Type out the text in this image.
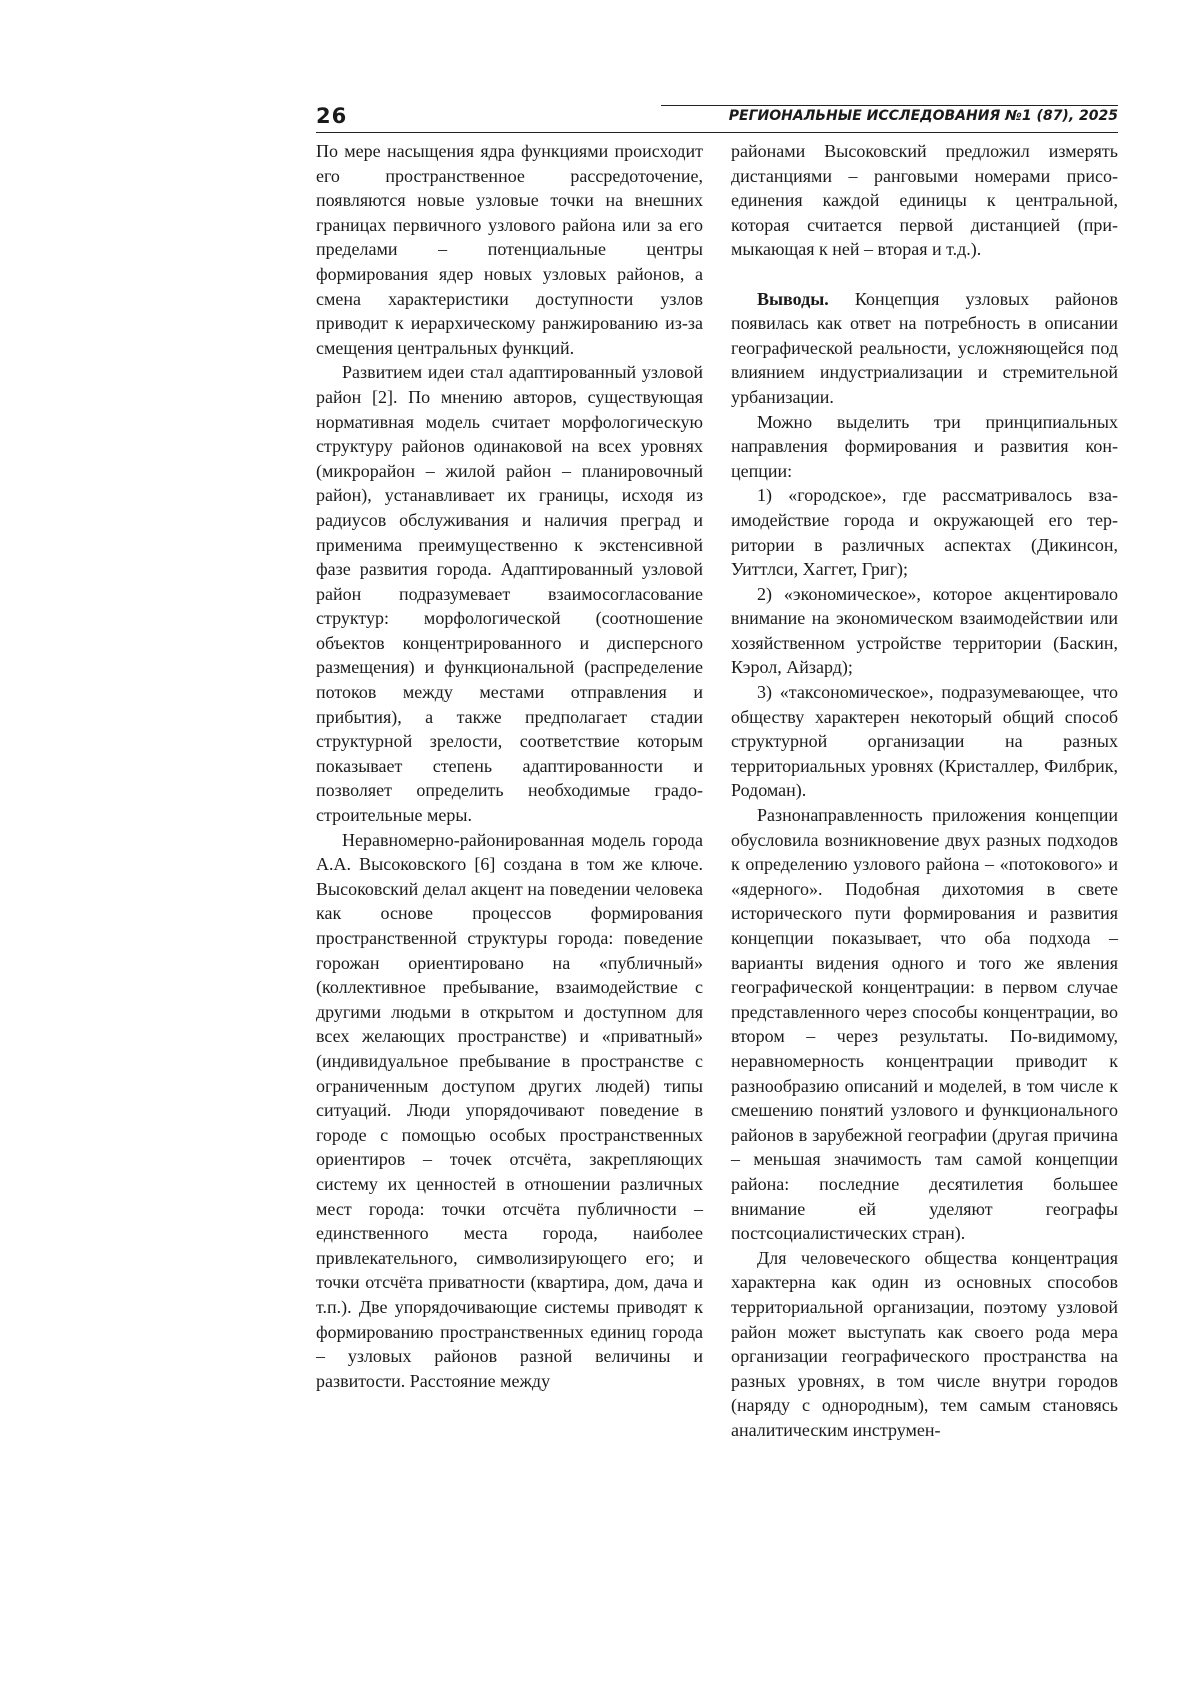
26	РЕГИОНАЛЬНЫЕ ИССЛЕДОВАНИЯ №1 (87), 2025

По мере насыщения ядра функциями происходит его пространственное рассредоточение, появляются новые узловые точки на внешних границах первичного узлового района или за его пределами – потенциальные центры формирования ядер новых узловых районов, а смена характеристики доступности узлов приводит к иерархическому ранжированию из-за смещения центральных функций.

Развитием идеи стал адаптированный узловой район [2]. По мнению авторов, существующая нормативная модель считает морфологическую структуру районов одинаковой на всех уровнях (микрорайон – жилой район – планировочный район), устанавливает их границы, исходя из радиусов обслуживания и наличия преград и применима преимущественно к экстенсивной фазе развития города. Адаптированный узловой район подразумевает взаимосогласование структур: морфологической (соотношение объектов концентрированного и дисперсного размещения) и функциональной (распределение потоков между местами отправления и прибытия), а также предполагает стадии структурной зрелости, соответствие которым показывает степень адаптированности и позволяет определить необходимые градостроительные меры.

Неравномерно-районированная модель города А.А. Высоковского [6] создана в том же ключе. Высоковский делал акцент на поведении человека как основе процессов формирования пространственной структуры города: поведение горожан ориентировано на «публичный» (коллективное пребывание, взаимодействие с другими людьми в открытом и доступном для всех желающих пространстве) и «приватный» (индивидуальное пребывание в пространстве с ограниченным доступом других людей) типы ситуаций. Люди упорядочивают поведение в городе с помощью особых пространственных ориентиров – точек отсчёта, закрепляющих систему их ценностей в отношении различных мест города: точки отсчёта публичности – единственного места города, наиболее привлекательного, символизирующего его; и точки отсчёта приватности (квартира, дом, дача и т.п.). Две упорядочивающие системы приводят к формированию пространственных единиц города – узловых районов разной величины и развитости. Расстояние между

районами Высоковский предложил измерять дистанциями – ранговыми номерами присоединения каждой единицы к центральной, которая считается первой дистанцией (примыкающая к ней – вторая и т.д.).

Выводы. Концепция узловых районов появилась как ответ на потребность в описании географической реальности, усложняющейся под влиянием индустриализации и стремительной урбанизации.

Можно выделить три принципиальных направления формирования и развития концепции:

1) «городское», где рассматривалось взаимодействие города и окружающей его территории в различных аспектах (Дикинсон, Уиттлси, Хаггет, Григ);

2) «экономическое», которое акцентировало внимание на экономическом взаимодействии или хозяйственном устройстве территории (Баскин, Кэрол, Айзард);

3) «таксономическое», подразумевающее, что обществу характерен некоторый общий способ структурной организации на разных территориальных уровнях (Кристаллер, Филбрик, Родоман).

Разнонаправленность приложения концепции обусловила возникновение двух разных подходов к определению узлового района – «потокового» и «ядерного». Подобная дихотомия в свете исторического пути формирования и развития концепции показывает, что оба подхода – варианты видения одного и того же явления географической концентрации: в первом случае представленного через способы концентрации, во втором – через результаты. По-видимому, неравномерность концентрации приводит к разнообразию описаний и моделей, в том числе к смешению понятий узлового и функционального районов в зарубежной географии (другая причина – меньшая значимость там самой концепции района: последние десятилетия большее внимание ей уделяют географы постсоциалистических стран).

Для человеческого общества концентрация характерна как один из основных способов территориальной организации, поэтому узловой район может выступать как своего рода мера организации географического пространства на разных уровнях, в том числе внутри городов (наряду с однородным), тем самым становясь аналитическим инструмен-
